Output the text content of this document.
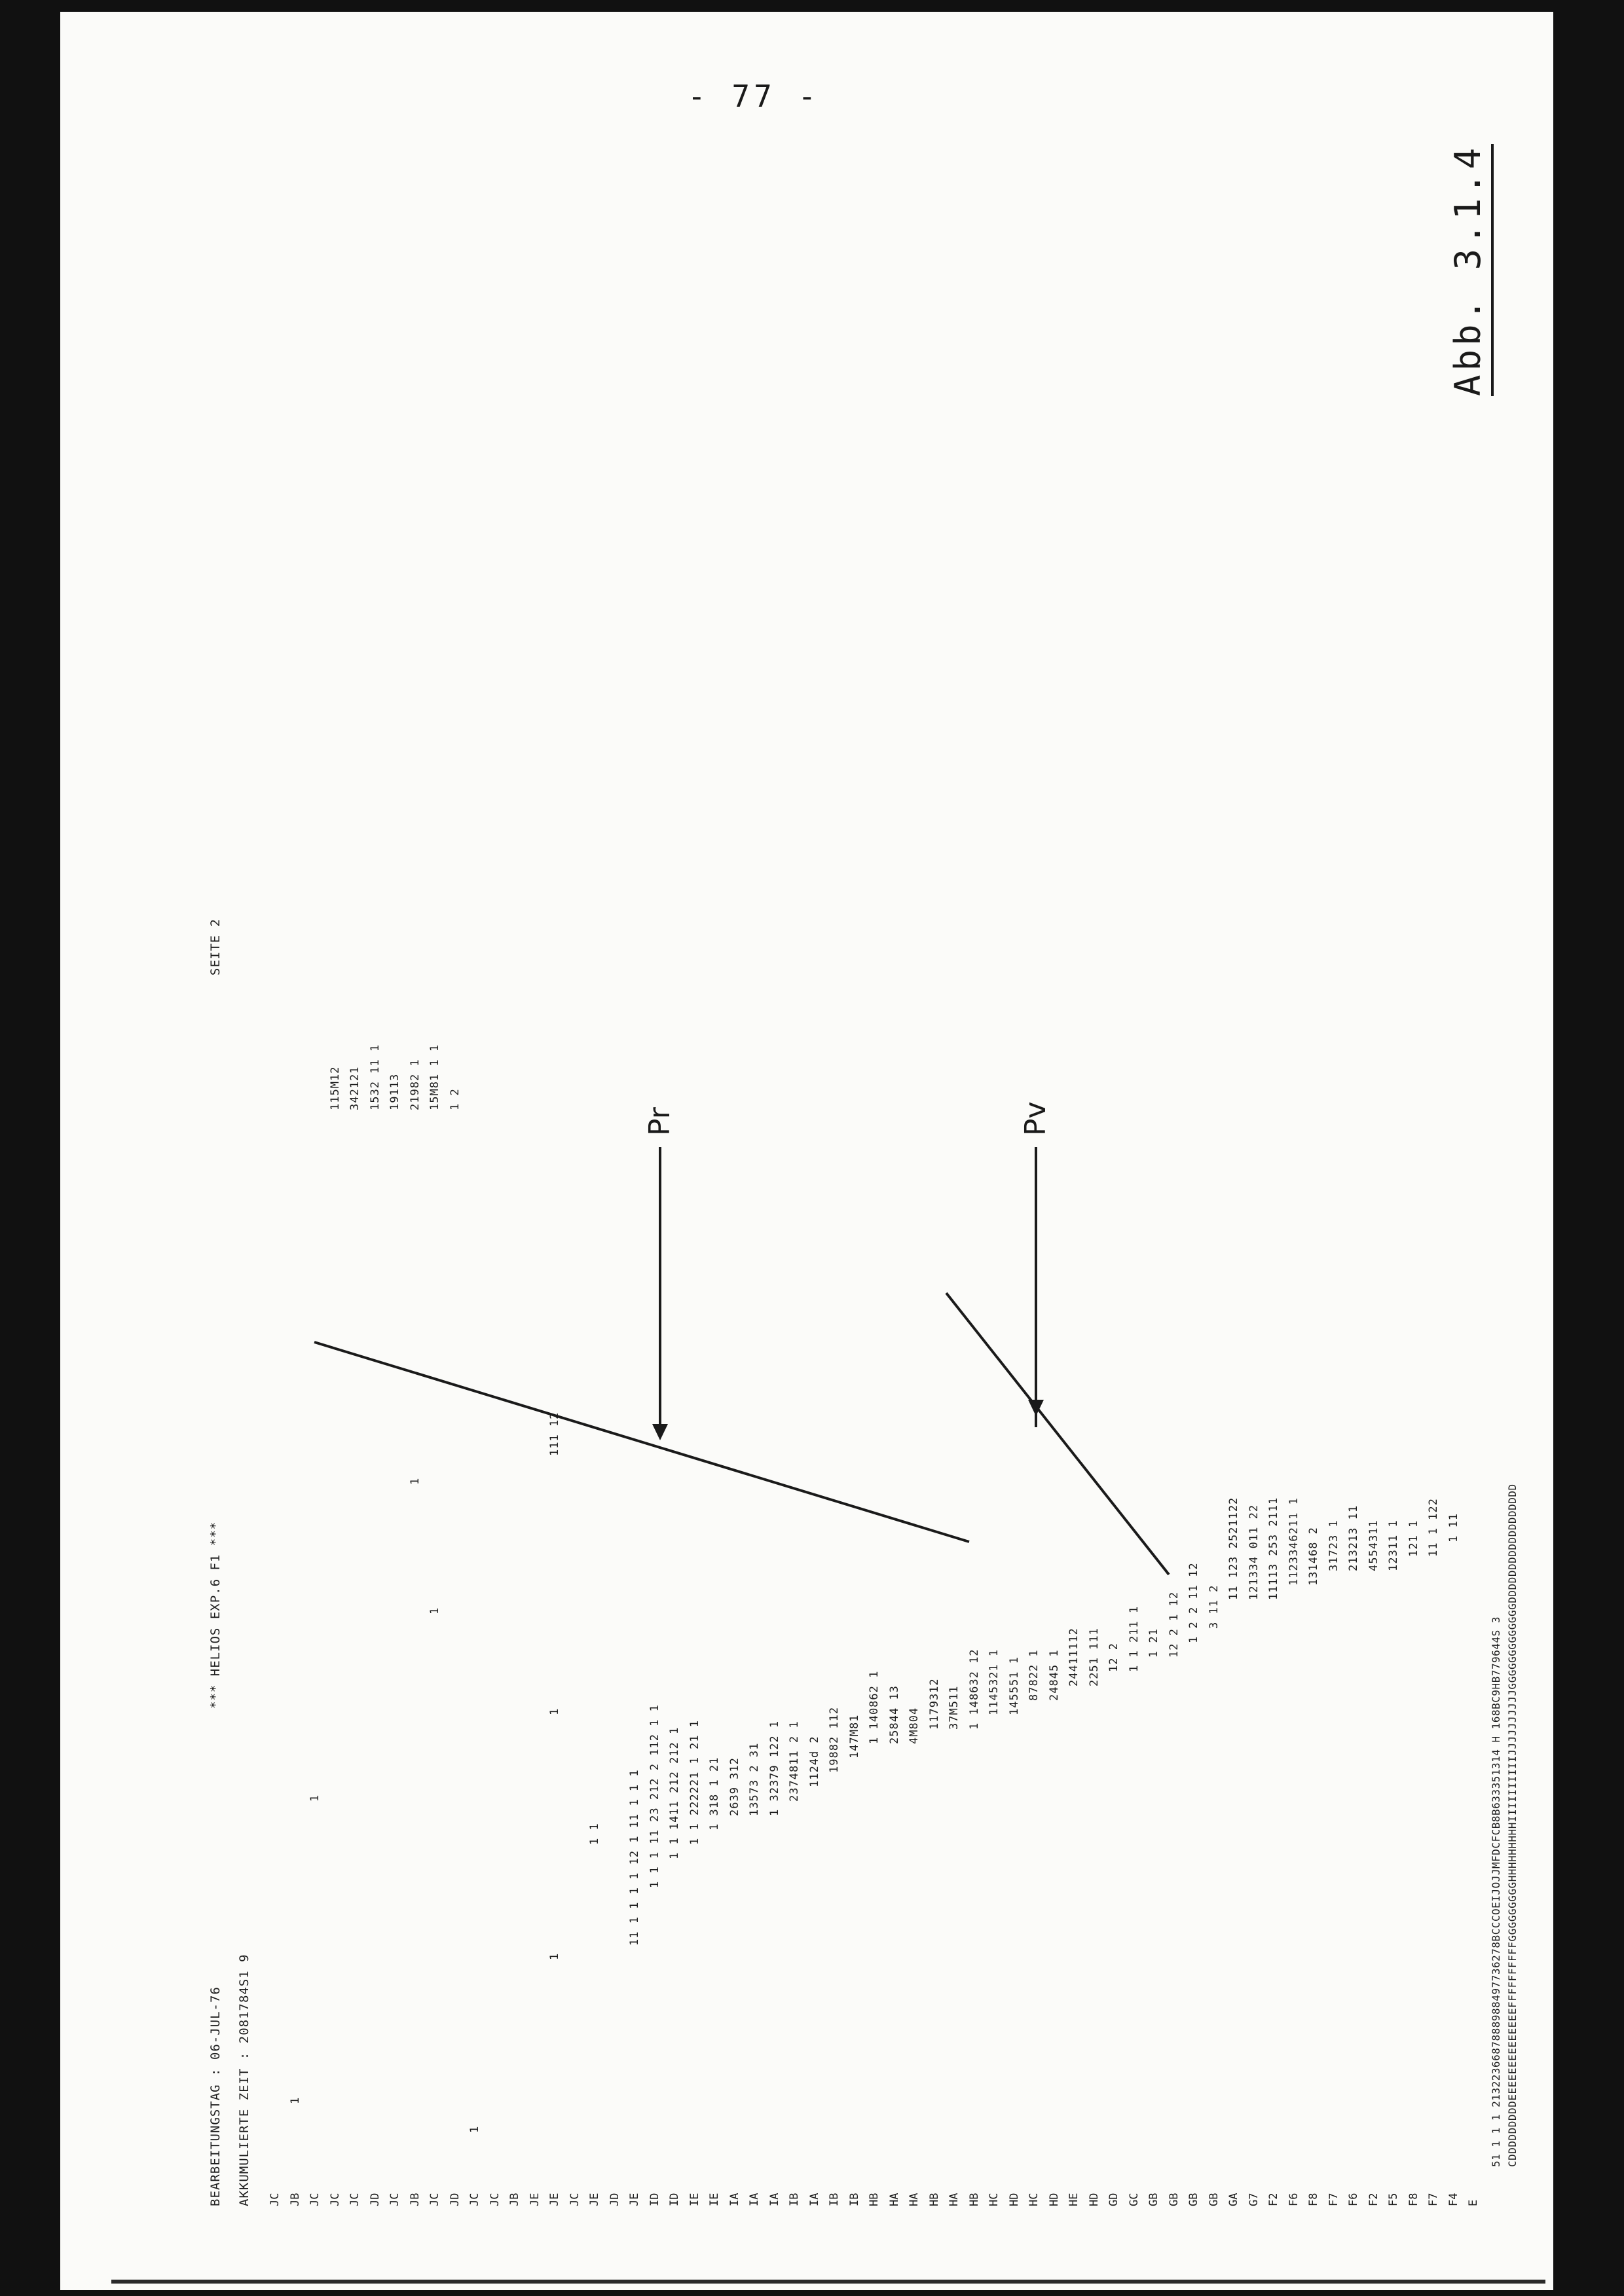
- 77 -
Abb. 3.1.4
BEARBEITUNGSTAG : 06-JUL-76 AKKUMULIERTE ZEIT : 2081784S1 9
*** HELIOS EXP.6 F1 ***
SEITE 2
JC JB JC JC JC JD JC JB JC JD JC JC JB JE JE JC JE JD JE ID ID IE IE IA IA IA IB IA IB IB HB HA HA HB HA HB HC HD HC HD HE HD GD GC GB GB GB GB GA G7 F2 F6 F8 F7 F6 F2 F5 F8 F7 F4 E
1
1
1
1
1
1
1
111 12
1 1 11 1 1 1 1 12 1 11 1 1 1 1 1 1 11 23 212 2 112 1 1 1 1 1411 212 212 1 1 1 222221 1 21 1 1 318 1 21 2639 312 13573 2 31 1 32379 122 1 2374811 2 1 1124d 2 19882 112 147M81 1 140862 1 25844 13 4M804 1179312 37M511 1 148632 12 1145321 1 145551 1 87822 1 24845 1 24411112 2251 111 12 2 1 1 211 1 1 21 12 2 1 12 1 2 2 11 12 3 11 2
11 123 2521122 121334 011 22 11113 253 2111 1123346211 1 131468 2 31723 1 213213 11 4554311 12311 1 121 1 11 1 122 1 11
115M12 342121 1532 11 1 19113 21982 1 15M81 1 1 1 2
CDDDDDDDDDEEEEEEEEEEEEEEFFFFFFFFFFGGGGGGGGGHHHHHHHHHIIIIIIIIIIJJJJJJJJJJGGGGGGGGGGGGGDDDDDDDDDDDDDDDDDD
51 1 1 1 2132236687888988497736278BCCCOEIJOJJMFDCFCB8B633351314 H 168BC9HB779644S 3
Pr	Pv
